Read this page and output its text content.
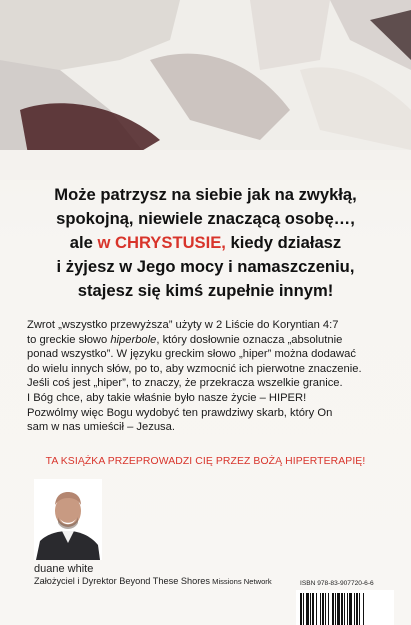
Może patrzysz na siebie jak na zwykłą,
spokojną, niewiele znaczącą osobę…,
ale w CHRYSTUSIE, kiedy działasz
i żyjesz w Jego mocy i namaszczeniu,
stajesz się kimś zupełnie innym!

Zwrot „wszystko przewyższa” użyty w 2 Liście do Koryntian 4:7

to greckie słowo hiperbole, który dosłownie oznacza „absolutnie

ponad wszystko”. W języku greckim słowo „hiper” można dodawać

do wielu innych słów, po to, aby wzmocnić ich pierwotne znaczenie.

Jeśli coś jest „hiper”, to znaczy, że przekracza wszelkie granice.

I Bóg chce, aby takie właśnie było nasze życie – HIPER!

Pozwólmy więc Bogu wydobyć ten prawdziwy skarb, który On

sam w nas umieścił – Jezusa.

TA KSIĄŻKA PRZEPROWADZI CIĘ PRZEZ BOŻĄ HIPERTERAPIĘ!
duane white
Założyciel i Dyrektor Beyond These Shores Missions Network	ISBN 978-83-907720-6-6
